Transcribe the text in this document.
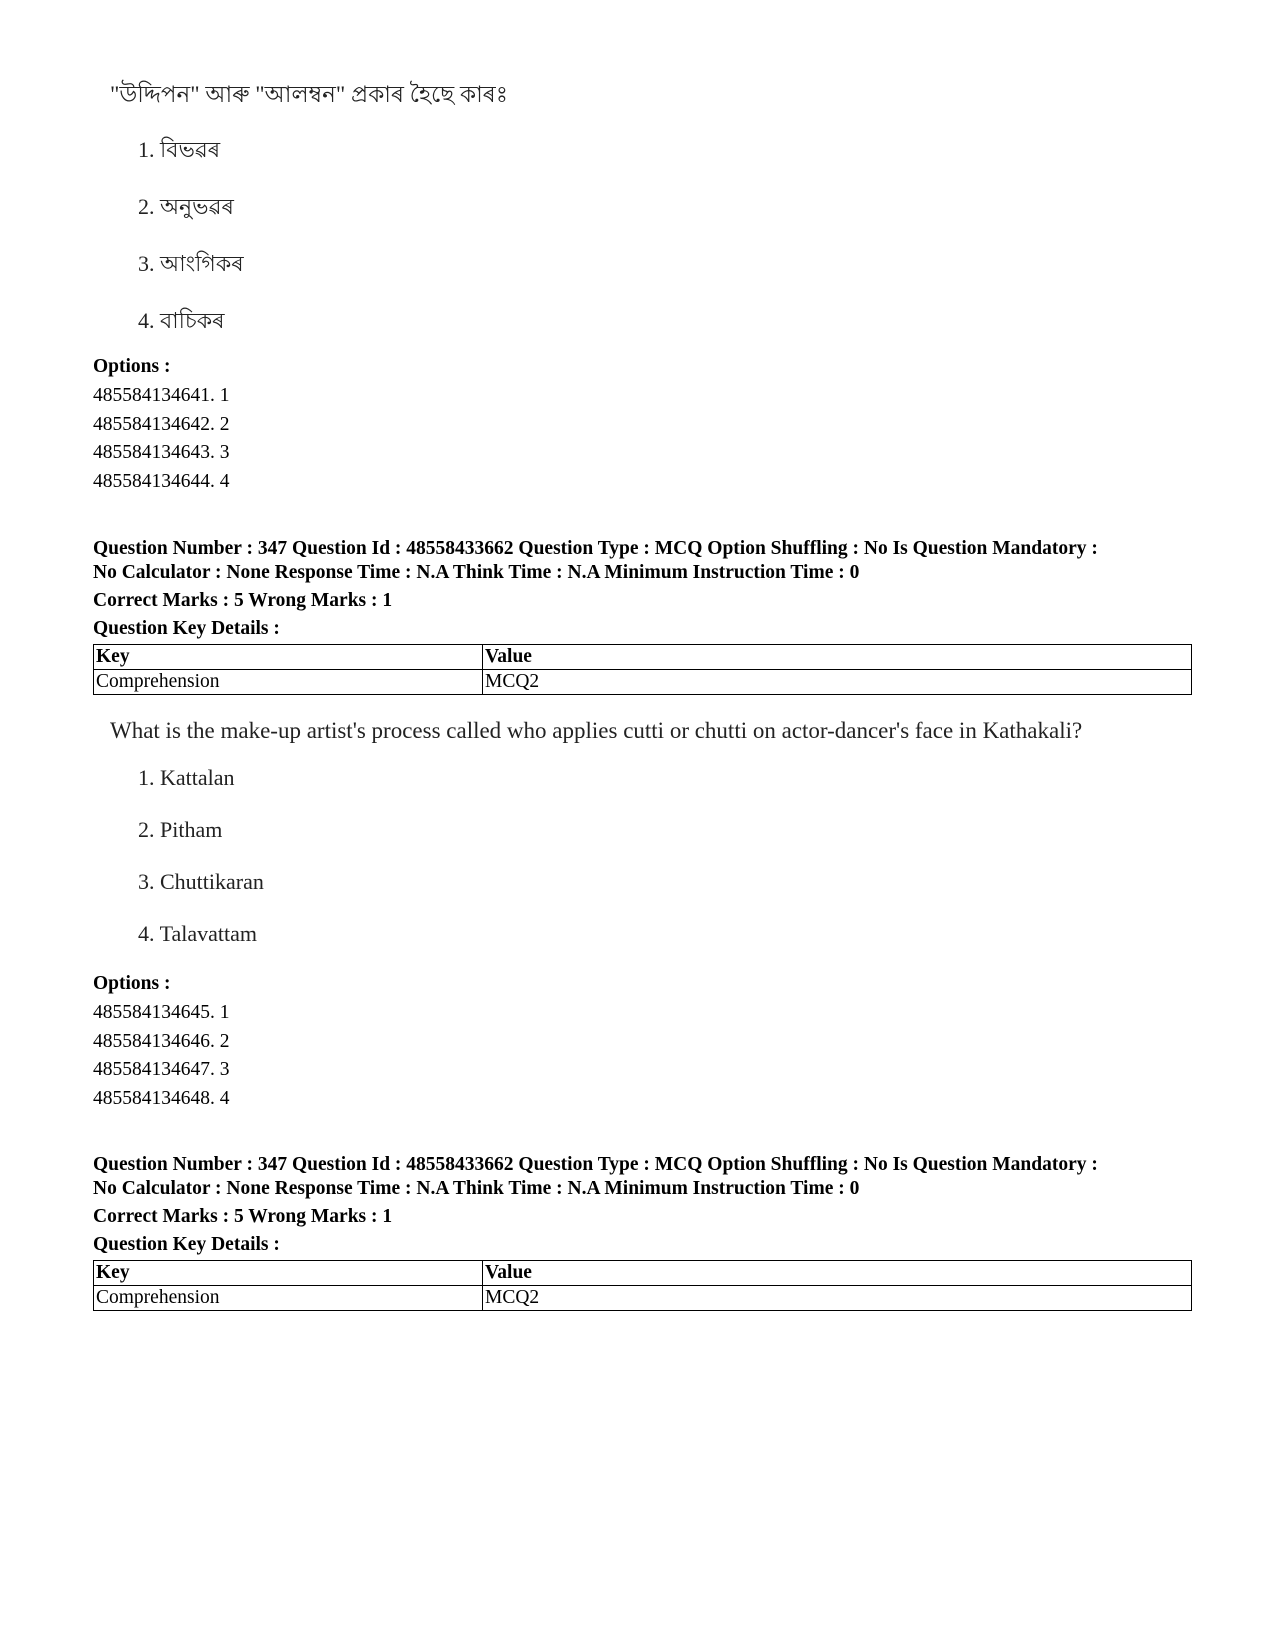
"উদ্দিপন" আৰু "আলম্বন" প্ৰকাৰ হৈছে কাৰঃ
1. বিভৱৰ
2. অনুভৱৰ
3. আংগিকৰ
4. বাচিকৰ
Options :
485584134641. 1
485584134642. 2
485584134643. 3
485584134644. 4
Question Number : 347 Question Id : 48558433662 Question Type : MCQ Option Shuffling : No Is Question Mandatory :
No Calculator : None Response Time : N.A Think Time : N.A Minimum Instruction Time : 0
Correct Marks : 5 Wrong Marks : 1
Question Key Details :
Key	Value
Comprehension	MCQ2
What is the make-up artist's process called who applies cutti or chutti on actor-dancer's face in Kathakali?
1. Kattalan
2. Pitham
3. Chuttikaran
4. Talavattam
Options :
485584134645. 1
485584134646. 2
485584134647. 3
485584134648. 4
Question Number : 347 Question Id : 48558433662 Question Type : MCQ Option Shuffling : No Is Question Mandatory :
No Calculator : None Response Time : N.A Think Time : N.A Minimum Instruction Time : 0
Correct Marks : 5 Wrong Marks : 1
Question Key Details :
Key	Value
Comprehension	MCQ2
